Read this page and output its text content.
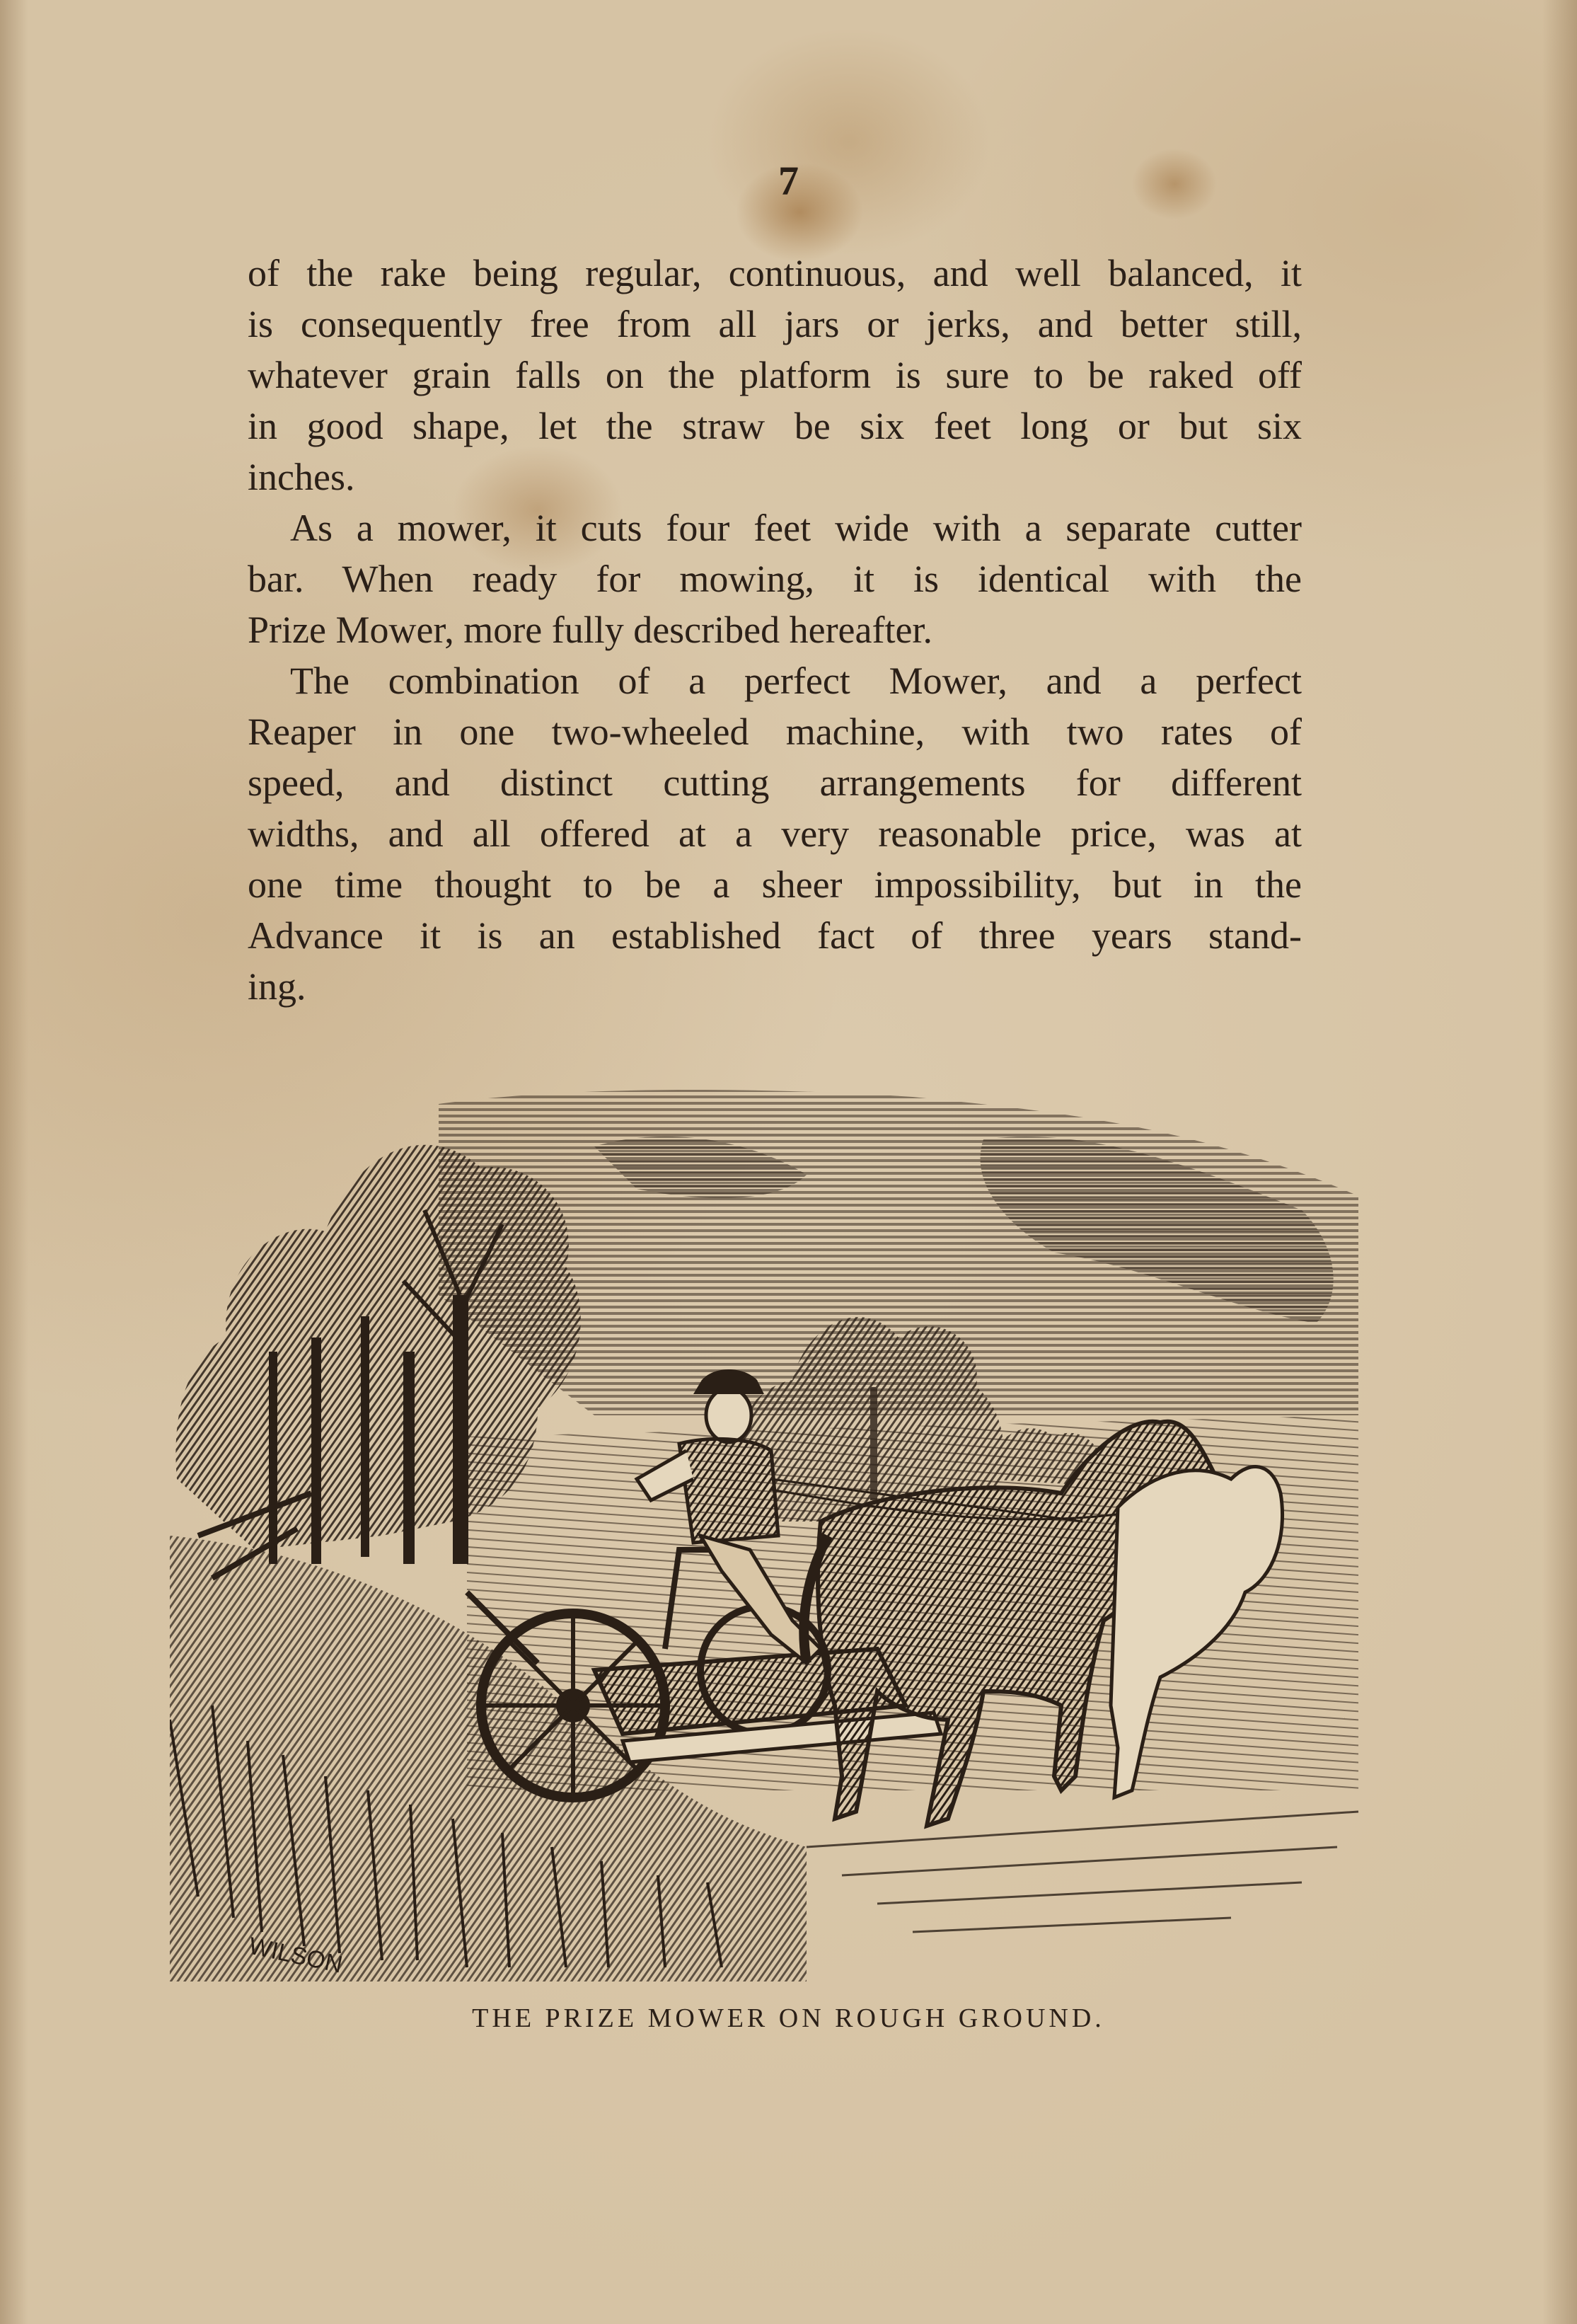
7
of the rake being regular, continuous, and well balanced, it
is consequently free from all jars or jerks, and better still,
whatever grain falls on the platform is sure to be raked off
in good shape, let the straw be six feet long or but six
inches.
As a mower, it cuts four feet wide with a separate cutter
bar. When ready for mowing, it is identical with the
Prize Mower, more fully described hereafter.
The combination of a perfect Mower, and a perfect
Reaper in one two-wheeled machine, with two rates of
speed, and distinct cutting arrangements for different
widths, and all offered at a very reasonable price, was at
one time thought to be a sheer impossibility, but in the
Advance it is an established fact of three years stand-
ing.
WILSON
THE PRIZE MOWER ON ROUGH GROUND.
